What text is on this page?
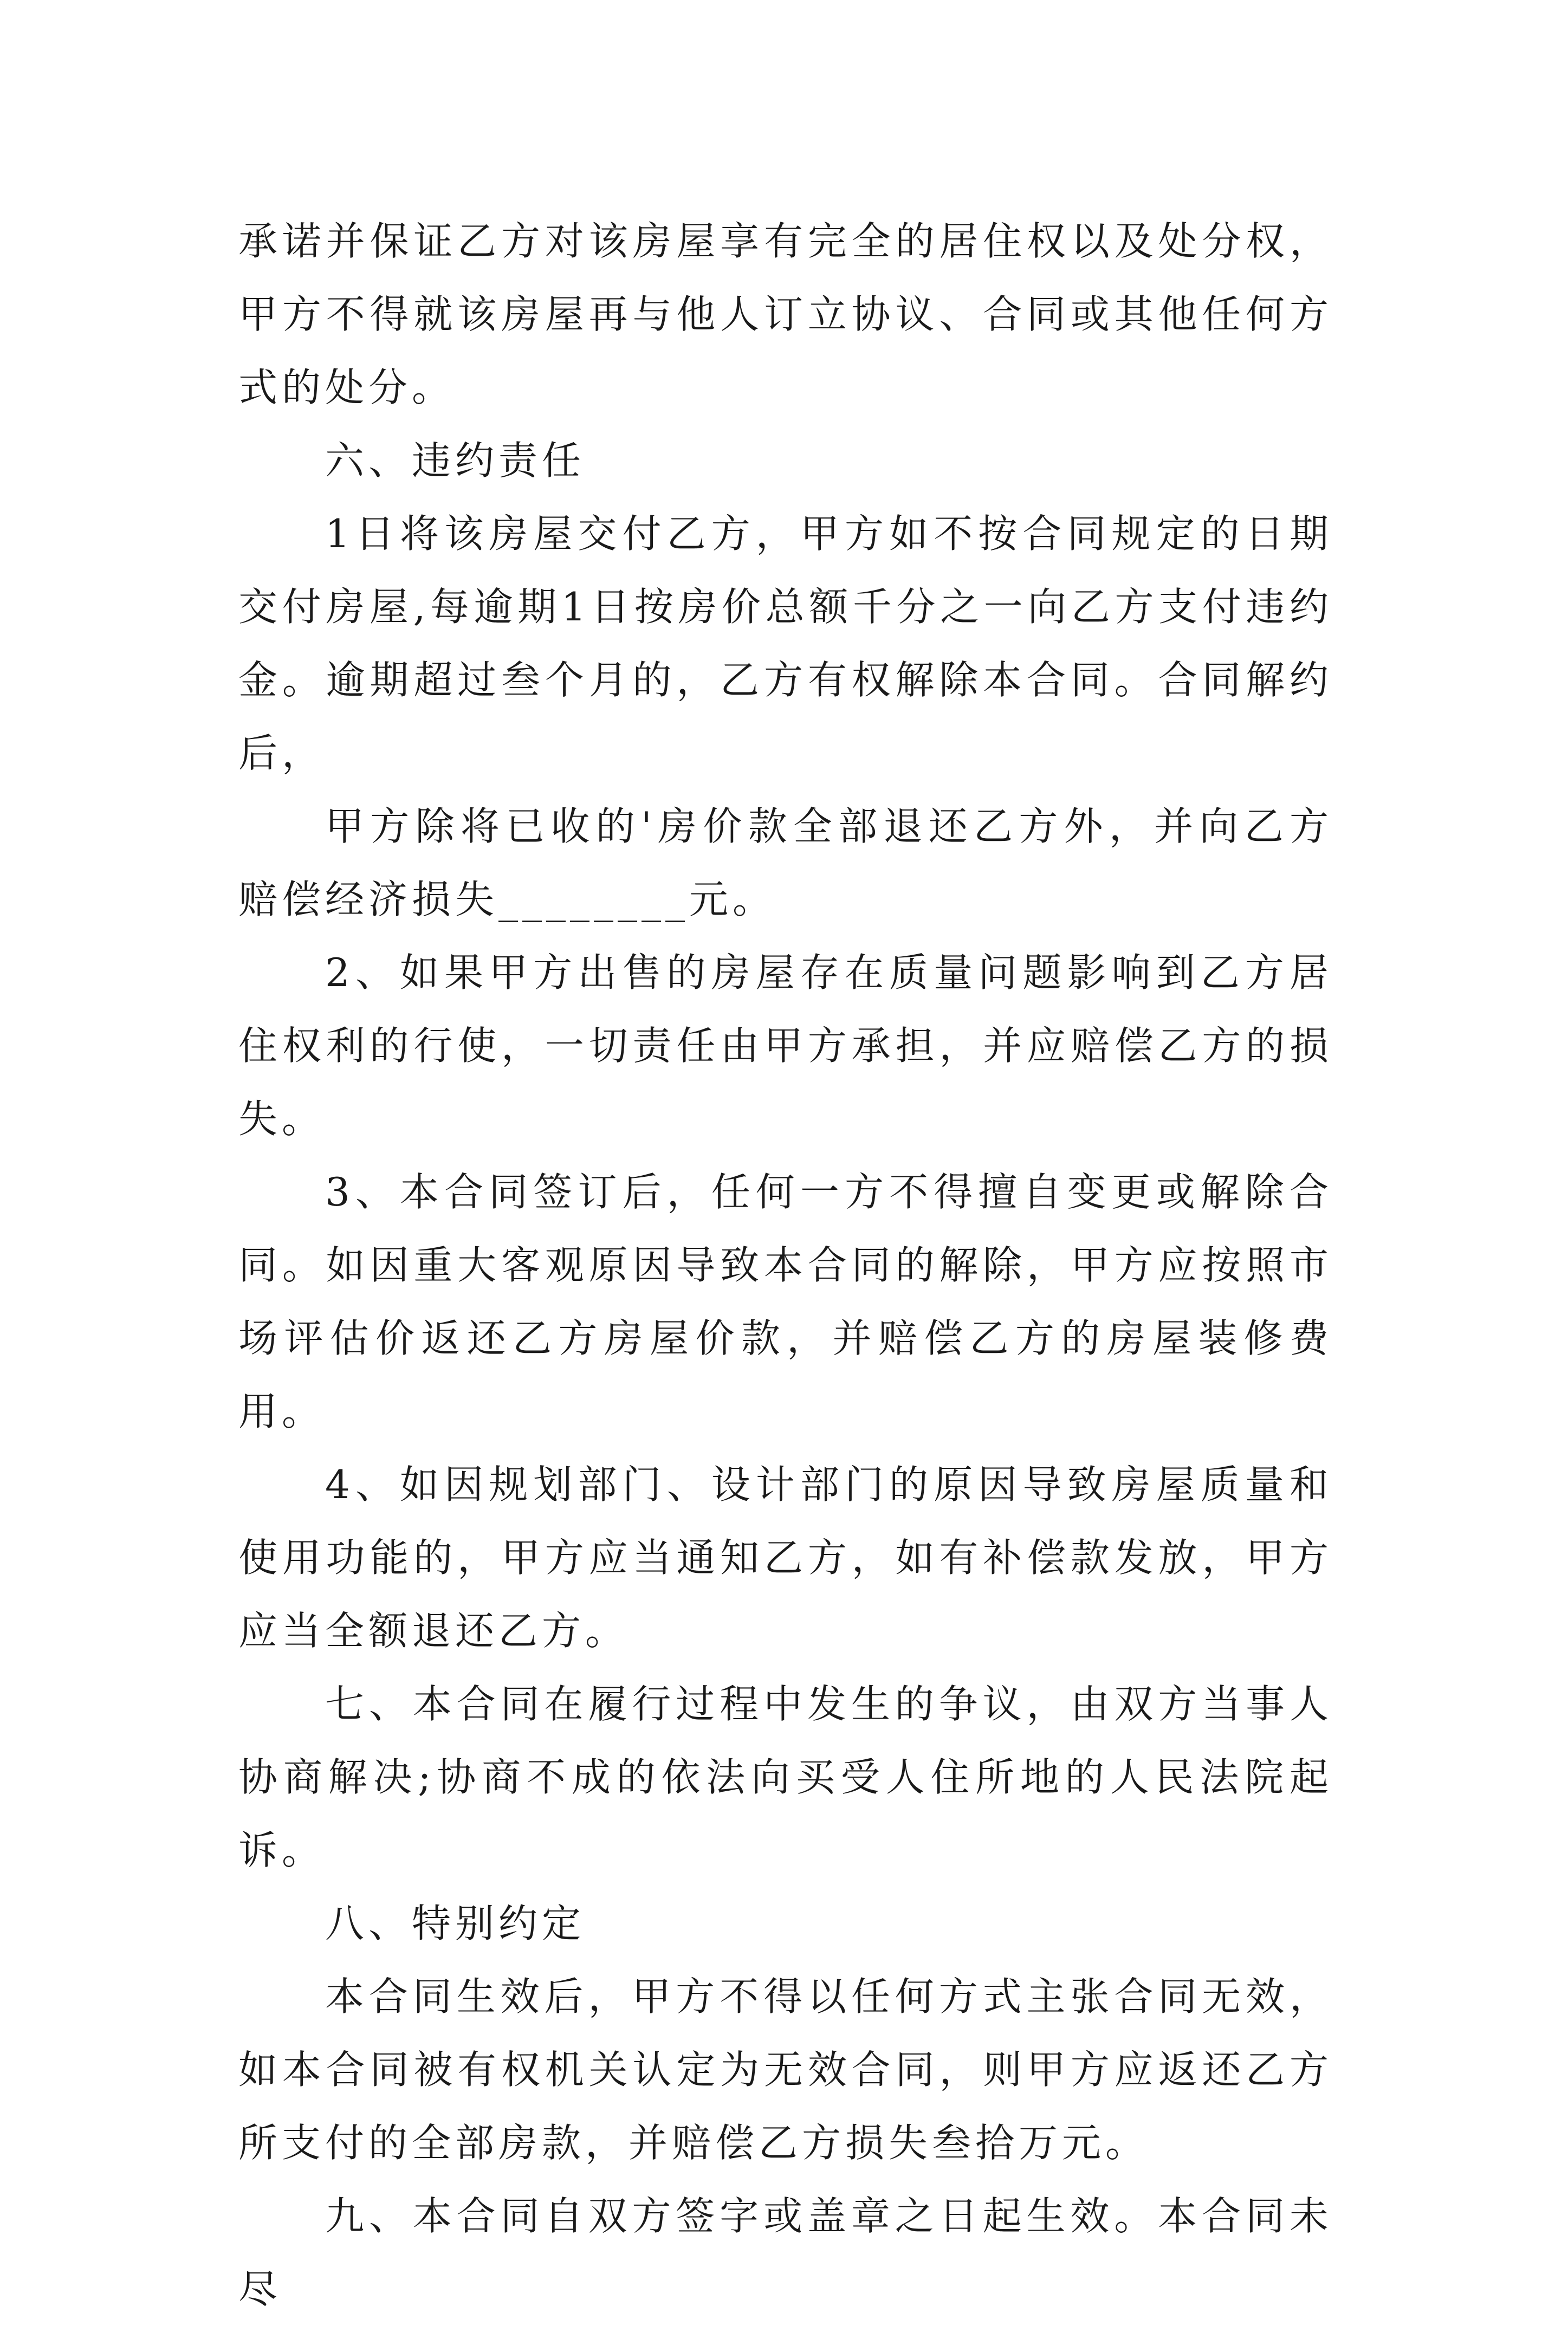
承诺并保证乙方对该房屋享有完全的居住权以及处分权，甲方不得就该房屋再与他人订立协议、合同或其他任何方式的处分。

六、违约责任

1日将该房屋交付乙方，甲方如不按合同规定的日期交付房屋,每逾期1日按房价总额千分之一向乙方支付违约金。逾期超过叁个月的，乙方有权解除本合同。合同解约后，

甲方除将已收的'房价款全部退还乙方外，并向乙方赔偿经济损失________元。

2、如果甲方出售的房屋存在质量问题影响到乙方居住权利的行使，一切责任由甲方承担，并应赔偿乙方的损失。

3、本合同签订后，任何一方不得擅自变更或解除合同。如因重大客观原因导致本合同的解除，甲方应按照市场评估价返还乙方房屋价款，并赔偿乙方的房屋装修费用。

4、如因规划部门、设计部门的原因导致房屋质量和使用功能的，甲方应当通知乙方，如有补偿款发放，甲方应当全额退还乙方。

七、本合同在履行过程中发生的争议，由双方当事人协商解决;协商不成的依法向买受人住所地的人民法院起诉。

八、特别约定

本合同生效后，甲方不得以任何方式主张合同无效，如本合同被有权机关认定为无效合同，则甲方应返还乙方所支付的全部房款，并赔偿乙方损失叁拾万元。

九、本合同自双方签字或盖章之日起生效。本合同未尽
